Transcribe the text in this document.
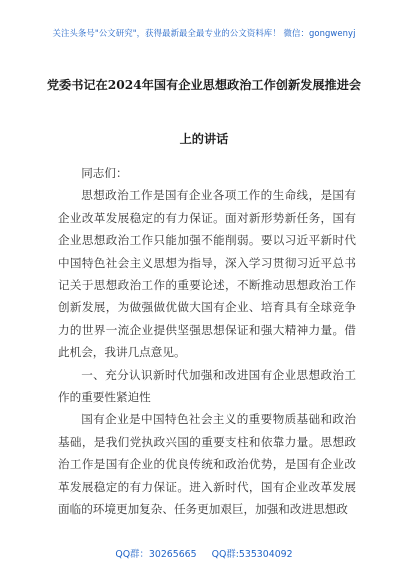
关注头条号"公文研究"，获得最新最全最专业的公文资料库！ 微信：gongwenyj
党委书记在2024年国有企业思想政治工作创新发展推进会
上的讲话

同志们：

思想政治工作是国有企业各项工作的生命线，是国有企业改革发展稳定的有力保证。面对新形势新任务，国有企业思想政治工作只能加强不能削弱。要以习近平新时代中国特色社会主义思想为指导，深入学习贯彻习近平总书记关于思想政治工作的重要论述，不断推动思想政治工作创新发展，为做强做优做大国有企业、培育具有全球竞争力的世界一流企业提供坚强思想保证和强大精神力量。借此机会，我讲几点意见。

一、充分认识新时代加强和改进国有企业思想政治工作的重要性紧迫性

国有企业是中国特色社会主义的重要物质基础和政治基础，是我们党执政兴国的重要支柱和依靠力量。思想政治工作是国有企业的优良传统和政治优势，是国有企业改革发展稳定的有力保证。进入新时代，国有企业改革发展面临的环境更加复杂、任务更加艰巨，加强和改进思想政

QQ群：30265665 QQ群:535304092
